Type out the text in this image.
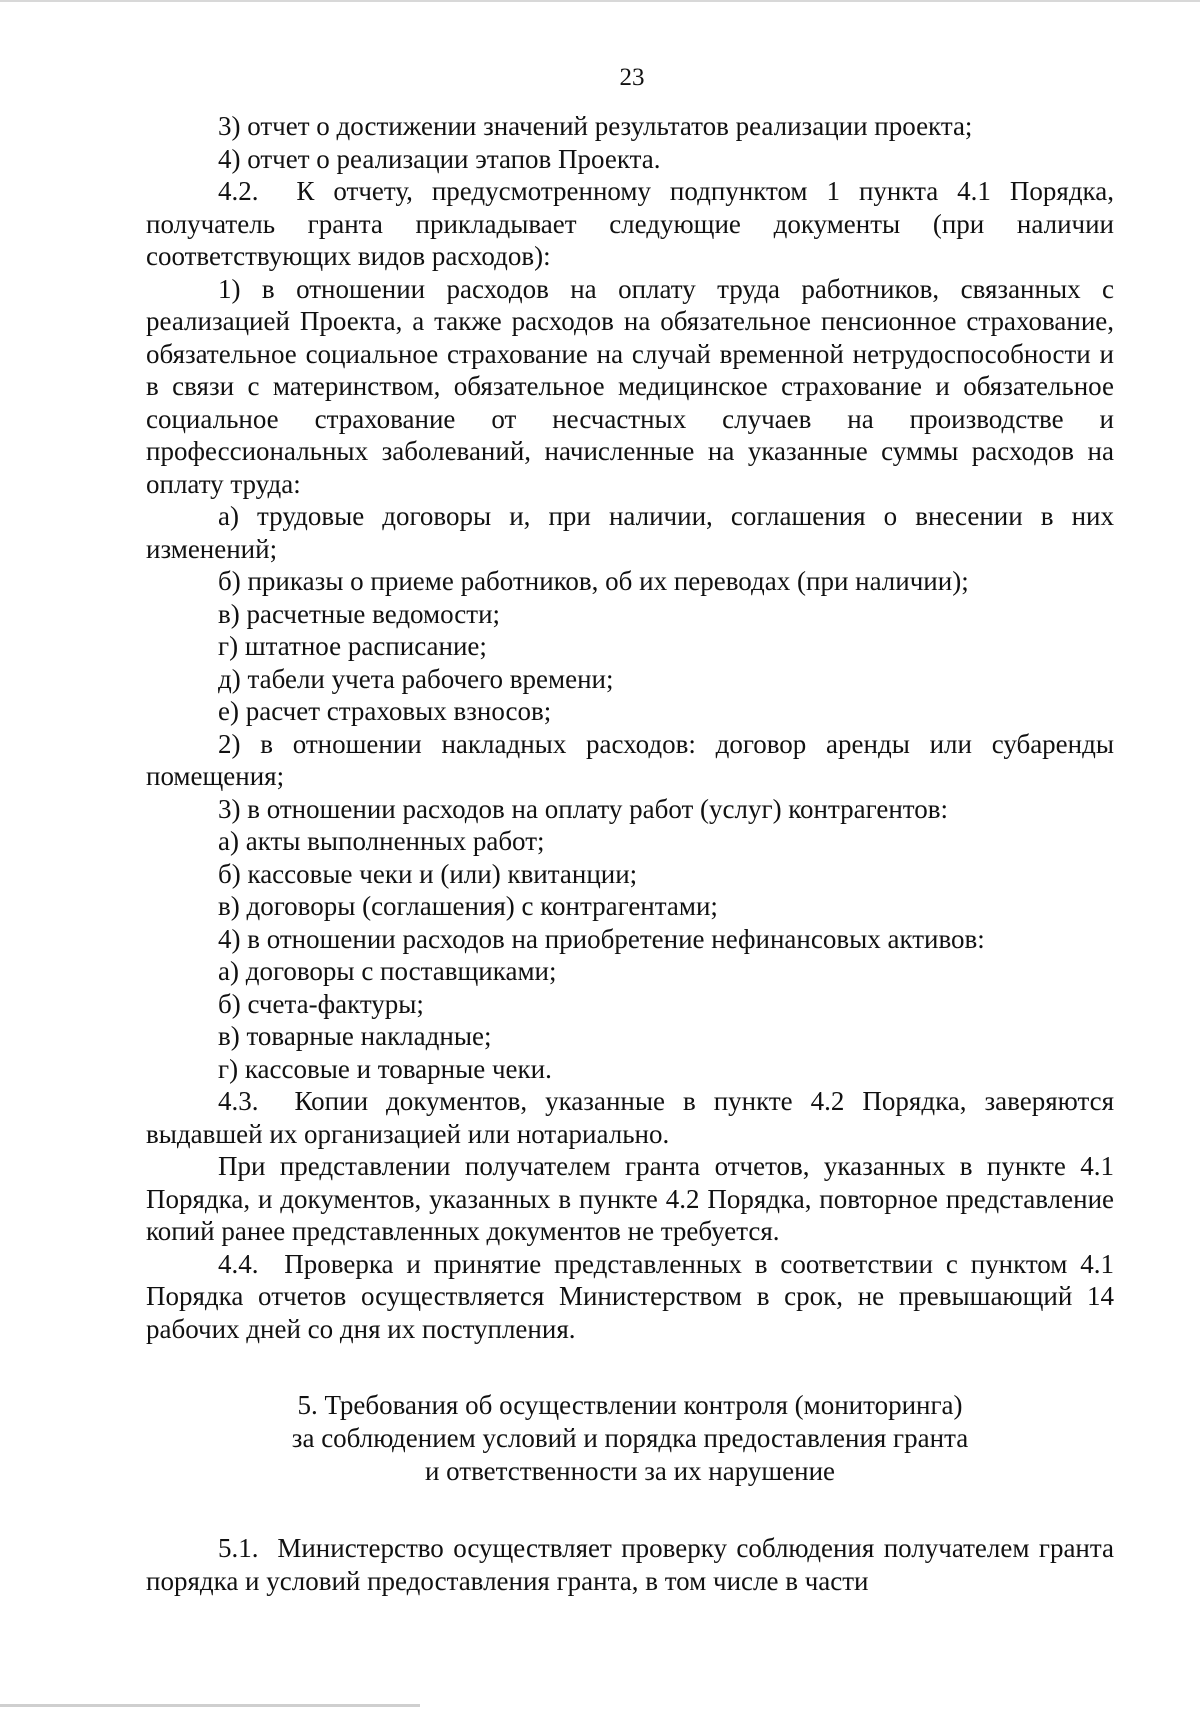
23

3) отчет о достижении значений результатов реализации проекта;

4) отчет о реализации этапов Проекта.

4.2.  К отчету, предусмотренному подпунктом 1 пункта 4.1 Порядка, получатель гранта прикладывает следующие документы (при наличии соответствующих видов расходов):

1) в отношении расходов на оплату труда работников, связанных с реализацией Проекта, а также расходов на обязательное пенсионное страхование, обязательное социальное страхование на случай временной нетрудоспособности и в связи с материнством, обязательное медицинское страхование и обязательное социальное страхование от несчастных случаев на производстве и профессиональных заболеваний, начисленные на указанные суммы расходов на оплату труда:

а) трудовые договоры и, при наличии, соглашения о внесении в них изменений;

б) приказы о приеме работников, об их переводах (при наличии);

в) расчетные ведомости;

г) штатное расписание;

д) табели учета рабочего времени;

е) расчет страховых взносов;

2) в отношении накладных расходов: договор аренды или субаренды помещения;

3) в отношении расходов на оплату работ (услуг) контрагентов:

а) акты выполненных работ;

б) кассовые чеки и (или) квитанции;

в) договоры (соглашения) с контрагентами;

4) в отношении расходов на приобретение нефинансовых активов:

а) договоры с поставщиками;

б) счета-фактуры;

в) товарные накладные;

г) кассовые и товарные чеки.

4.3.  Копии документов, указанные в пункте 4.2 Порядка, заверяются выдавшей их организацией или нотариально.

При представлении получателем гранта отчетов, указанных в пункте 4.1 Порядка, и документов, указанных в пункте 4.2 Порядка, повторное представление копий ранее представленных документов не требуется.

4.4.  Проверка и принятие представленных в соответствии с пунктом 4.1 Порядка отчетов осуществляется Министерством в срок, не превышающий 14 рабочих дней со дня их поступления.

5. Требования об осуществлении контроля (мониторинга)
за соблюдением условий и порядка предоставления гранта
и ответственности за их нарушение

5.1.  Министерство осуществляет проверку соблюдения получателем гранта порядка и условий предоставления гранта, в том числе в части
